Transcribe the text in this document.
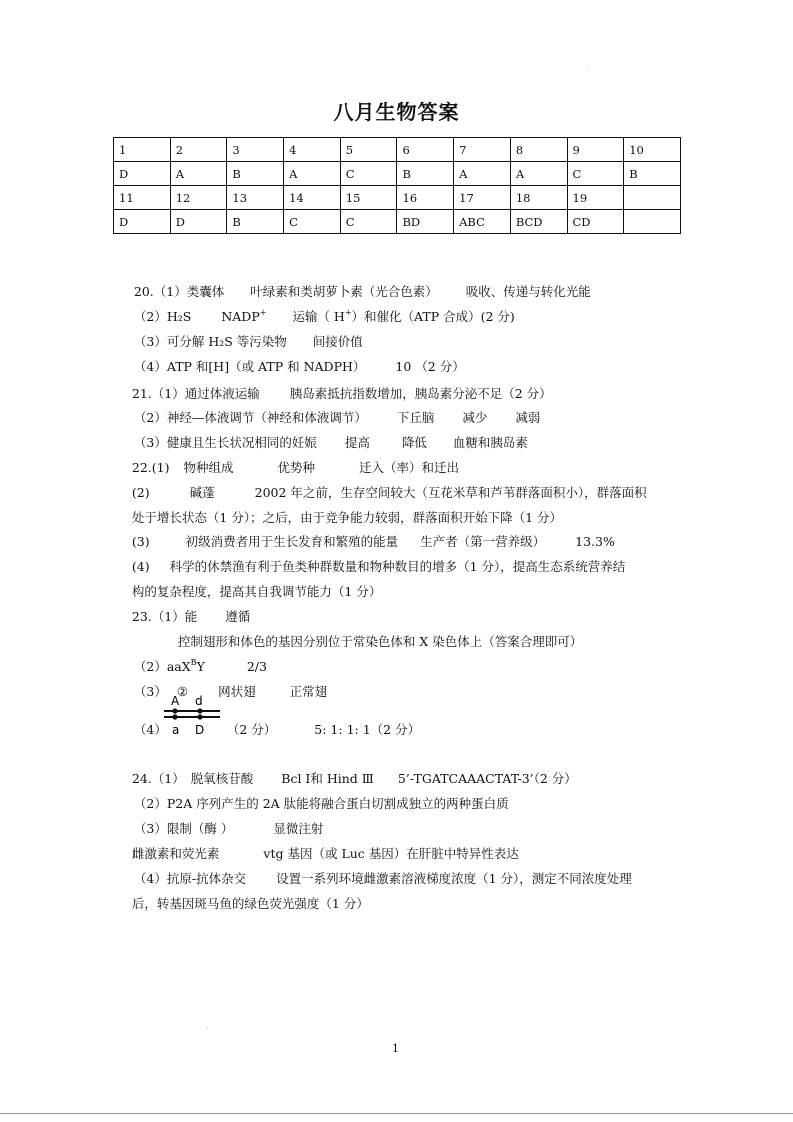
八月生物答案
1	2	3	4	5	6	7	8	9	10
D	A	B	A	C	B	A	A	C	B
11	12	13	14	15	16	17	18	19	
D	D	B	C	C	BD	ABC	BCD	CD	

20.（1）类囊体 叶绿素和类胡萝卜素（光合色素） 吸收、传递与转化光能

（2）H₂S NADP+ 运输（ H+）和催化（ATP 合成）(2 分)

（3）可分解 H₂S 等污染物 间接价值

（4）ATP 和[H]（或 ATP 和 NADPH） 10 （2 分）

21.（1）通过体液运输 胰岛素抵抗指数增加，胰岛素分泌不足（2 分）

（2）神经—体液调节（神经和体液调节） 下丘脑 减少 减弱

（3）健康且生长状况相同的妊娠 提高	降低 血糖和胰岛素

22.(1) 物种组成	优势种	迁入（率）和迁出

(2)	碱蓬	2002 年之前，生存空间较大（互花米草和芦苇群落面积小），群落面积

处于增长状态（1 分）；之后，由于竞争能力较弱，群落面积开始下降（1 分）

(3)	初级消费者用于生长发育和繁殖的能量 生产者（第一营养级） 13.3%

(4) 科学的休禁渔有利于鱼类种群数量和物种数目的增多（1 分），提高生态系统营养结

构的复杂程度，提高其自我调节能力（1 分）

23.（1）能 遵循

控制翅形和体色的基因分别位于常染色体和 X 染色体上（答案合理即可）

（2）aaX$^B$Y	2/3

（3） ② 网状翅	正常翅

（4）	（2 分）	5: 1: 1: 1（2 分）

24.（1） 脱氧核苷酸 Bcl Ⅰ和 Hind Ⅲ 5’-TGATCAAACTAT-3’（2 分）

（2）P2A 序列产生的 2A 肽能将融合蛋白切割成独立的两种蛋白质

（3）限制（酶 ）	显微注射

雌激素和荧光素	vtg 基因（或 Luc 基因）在肝脏中特异性表达

（4）抗原-抗体杂交 设置一系列环境雌激素溶液梯度浓度（1 分），测定不同浓度处理

后，转基因斑马鱼的绿色荧光强度（1 分）

A d
a D
1
